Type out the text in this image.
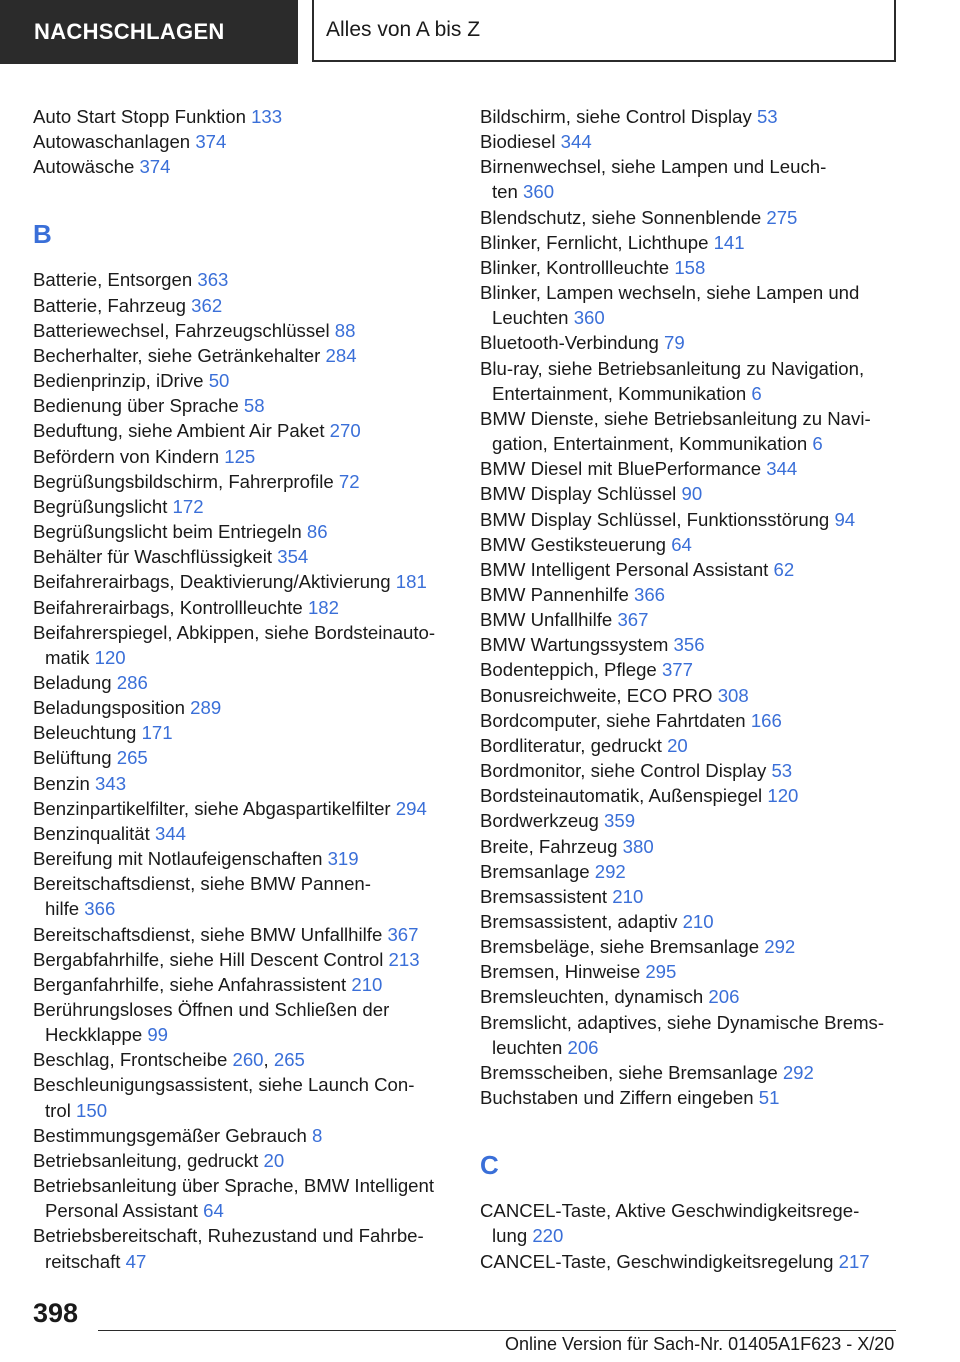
NACHSCHLAGEN	Alles von A bis Z
Auto Start Stopp Funktion 133
Autowaschanlagen 374
Autowäsche 374
B
Batterie, Entsorgen 363
Batterie, Fahrzeug 362
Batteriewechsel, Fahrzeugschlüssel 88
Becherhalter, siehe Getränkehalter 284
Bedienprinzip, iDrive 50
Bedienung über Sprache 58
Beduftung, siehe Ambient Air Paket 270
Befördern von Kindern 125
Begrüßungsbildschirm, Fahrerprofile 72
Begrüßungslicht 172
Begrüßungslicht beim Entriegeln 86
Behälter für Waschflüssigkeit 354
Beifahrerairbags, Deaktivierung/Aktivierung 181
Beifahrerairbags, Kontrollleuchte 182
Beifahrerspiegel, Abkippen, siehe Bordsteinauto-
matik 120
Beladung 286
Beladungsposition 289
Beleuchtung 171
Belüftung 265
Benzin 343
Benzinpartikelfilter, siehe Abgaspartikelfilter 294
Benzinqualität 344
Bereifung mit Notlaufeigenschaften 319
Bereitschaftsdienst, siehe BMW Pannen-
hilfe 366
Bereitschaftsdienst, siehe BMW Unfallhilfe 367
Bergabfahrhilfe, siehe Hill Descent Control 213
Berganfahrhilfe, siehe Anfahrassistent 210
Berührungsloses Öffnen und Schließen der
Heckklappe 99
Beschlag, Frontscheibe 260, 265
Beschleunigungsassistent, siehe Launch Con-
trol 150
Bestimmungsgemäßer Gebrauch 8
Betriebsanleitung, gedruckt 20
Betriebsanleitung über Sprache, BMW Intelligent
Personal Assistant 64
Betriebsbereitschaft, Ruhezustand und Fahrbe-
reitschaft 47
Bildschirm, siehe Control Display 53
Biodiesel 344
Birnenwechsel, siehe Lampen und Leuch-
ten 360
Blendschutz, siehe Sonnenblende 275
Blinker, Fernlicht, Lichthupe 141
Blinker, Kontrollleuchte 158
Blinker, Lampen wechseln, siehe Lampen und
Leuchten 360
Bluetooth-Verbindung 79
Blu-ray, siehe Betriebsanleitung zu Navigation,
Entertainment, Kommunikation 6
BMW Dienste, siehe Betriebsanleitung zu Navi-
gation, Entertainment, Kommunikation 6
BMW Diesel mit BluePerformance 344
BMW Display Schlüssel 90
BMW Display Schlüssel, Funktionsstörung 94
BMW Gestiksteuerung 64
BMW Intelligent Personal Assistant 62
BMW Pannenhilfe 366
BMW Unfallhilfe 367
BMW Wartungssystem 356
Bodenteppich, Pflege 377
Bonusreichweite, ECO PRO 308
Bordcomputer, siehe Fahrtdaten 166
Bordliteratur, gedruckt 20
Bordmonitor, siehe Control Display 53
Bordsteinautomatik, Außenspiegel 120
Bordwerkzeug 359
Breite, Fahrzeug 380
Bremsanlage 292
Bremsassistent 210
Bremsassistent, adaptiv 210
Bremsbeläge, siehe Bremsanlage 292
Bremsen, Hinweise 295
Bremsleuchten, dynamisch 206
Bremslicht, adaptives, siehe Dynamische Brems-
leuchten 206
Bremsscheiben, siehe Bremsanlage 292
Buchstaben und Ziffern eingeben 51
C
CANCEL-Taste, Aktive Geschwindigkeitsrege-
lung 220
CANCEL-Taste, Geschwindigkeitsregelung 217
398
Online Version für Sach-Nr. 01405A1F623 - X/20
